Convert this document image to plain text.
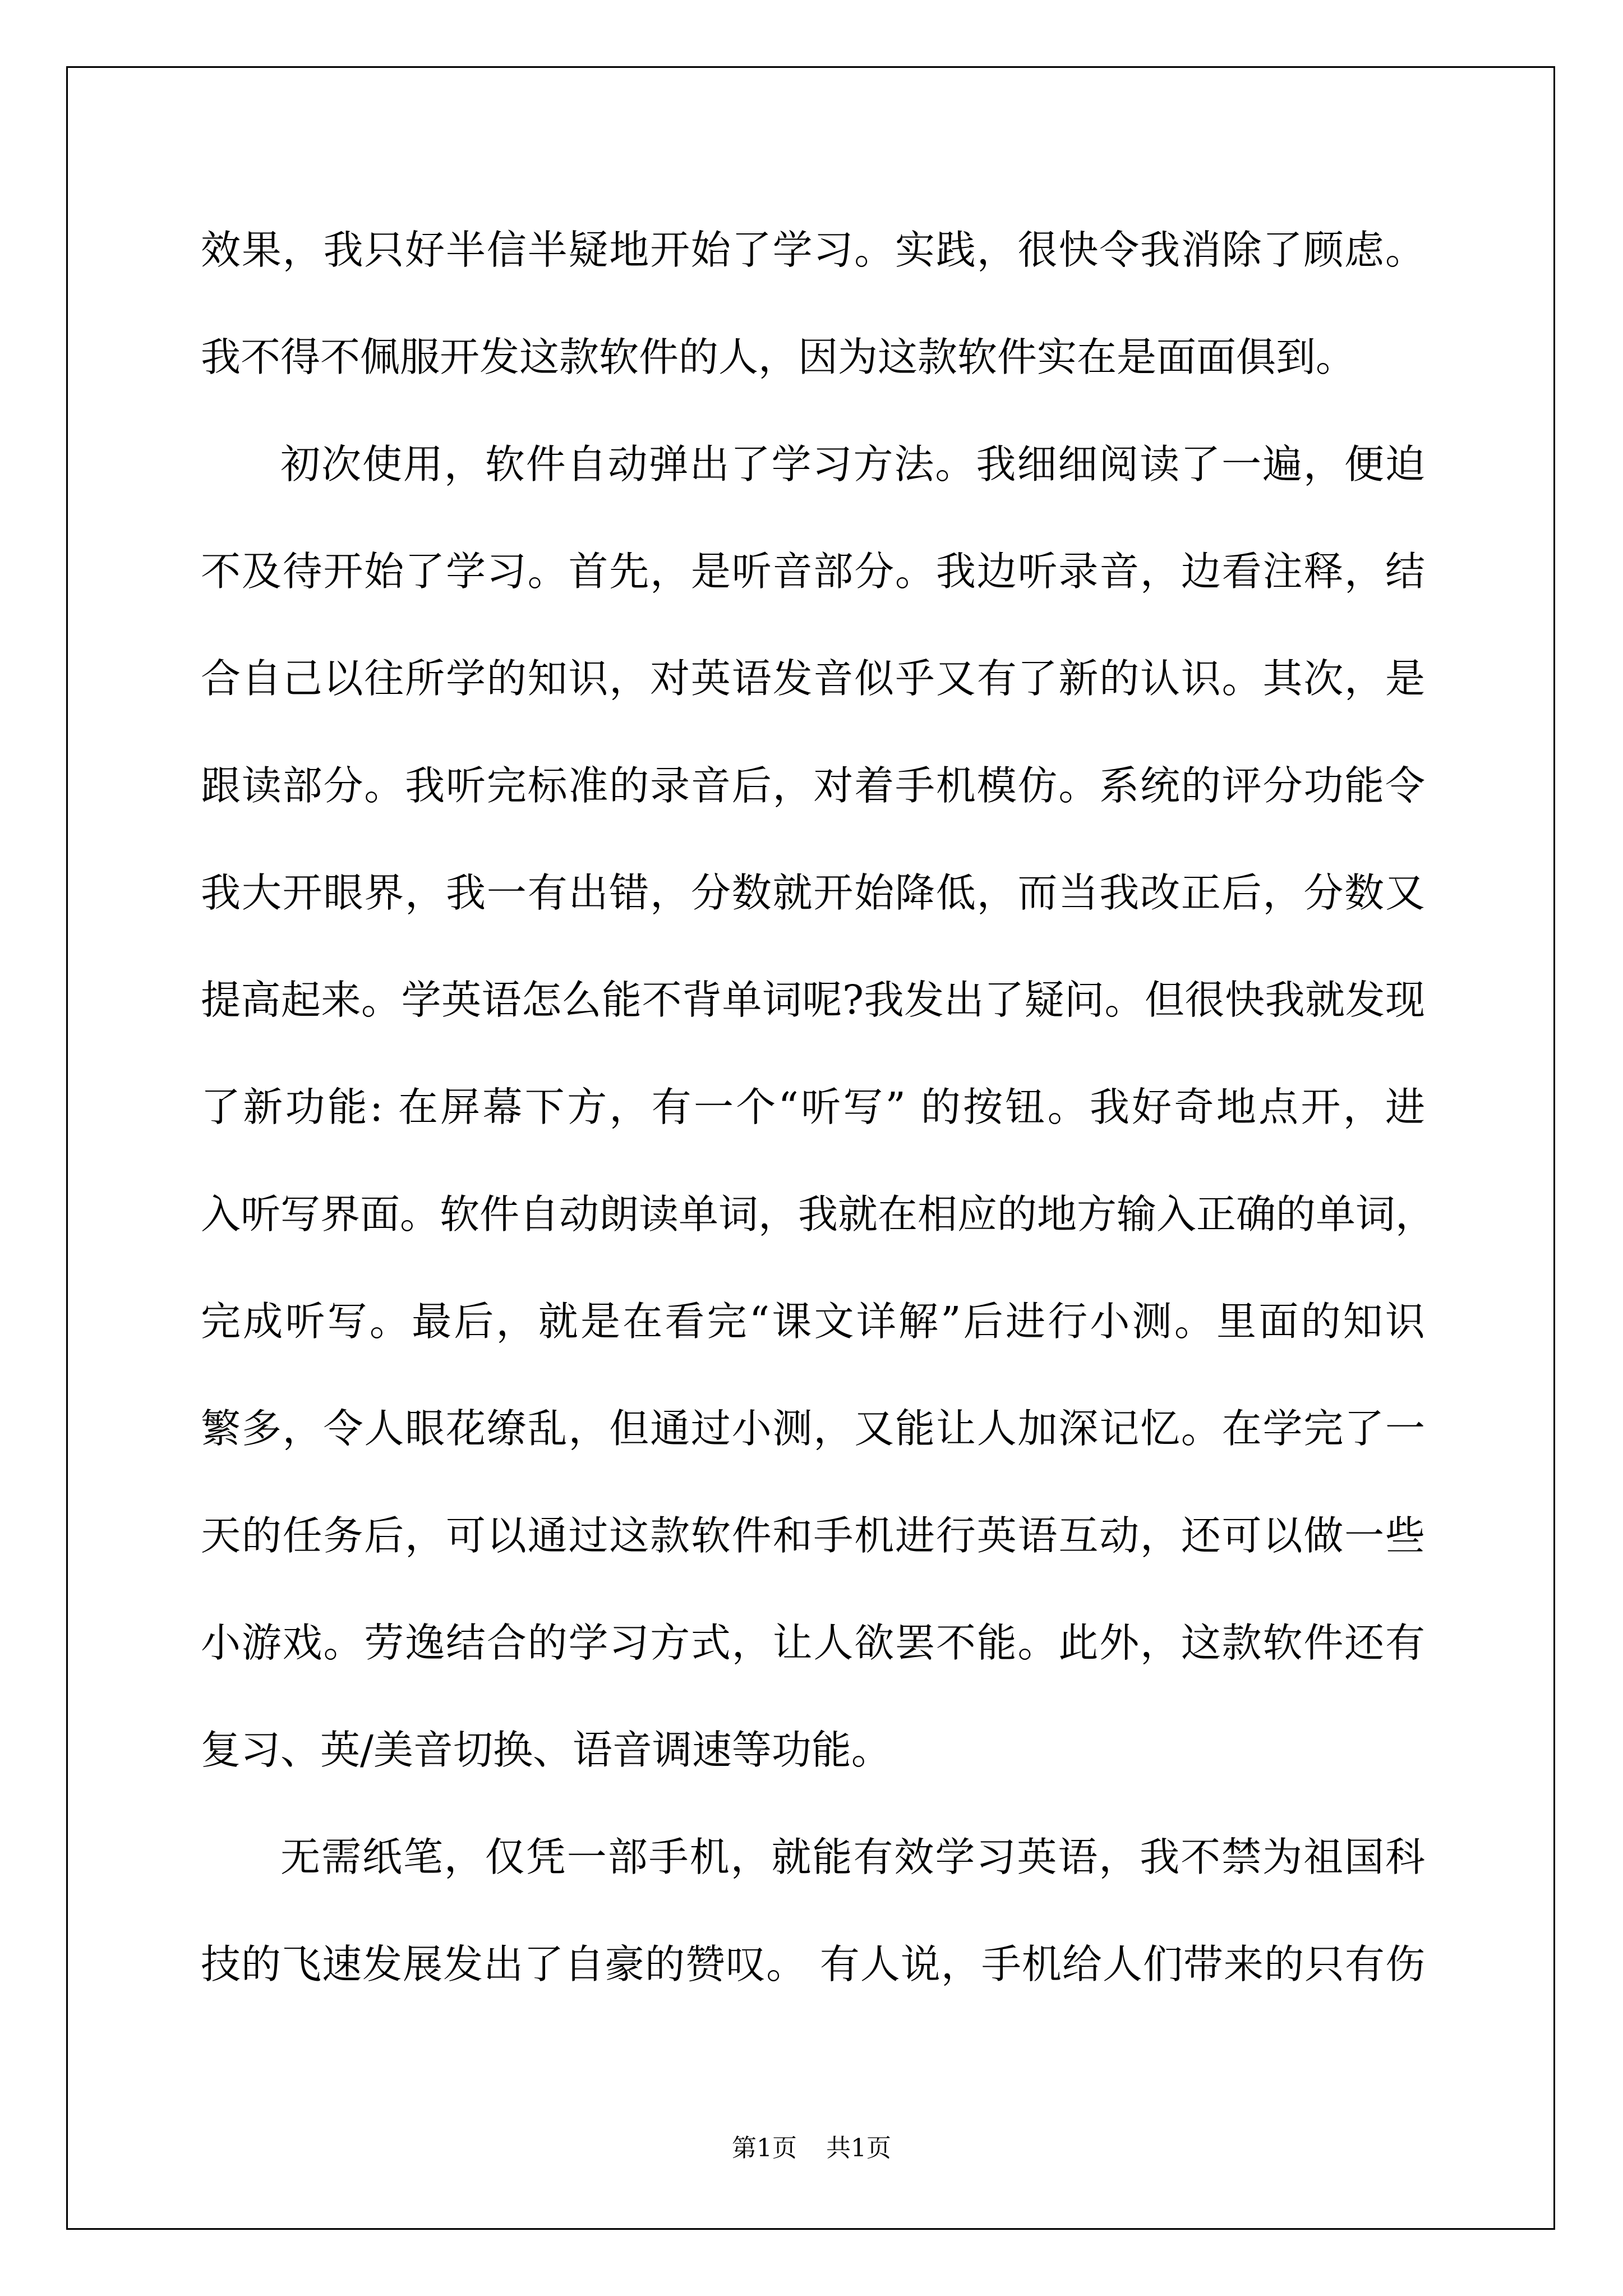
效果，我只好半信半疑地开始了学习。实践，很快令我消除了顾虑。
我不得不佩服开发这款软件的人，因为这款软件实在是面面俱到。
初次使用，软件自动弹出了学习方法。我细细阅读了一遍，便迫
不及待开始了学习。首先，是听音部分。我边听录音，边看注释，结
合自己以往所学的知识，对英语发音似乎又有了新的认识。其次，是
跟读部分。我听完标准的录音后，对着手机模仿。系统的评分功能令
我大开眼界，我一有出错，分数就开始降低，而当我改正后，分数又
提高起来。学英语怎么能不背单词呢?我发出了疑问。但很快我就发现
了新功能: 在屏幕下方，有一个“听写” 的按钮。我好奇地点开，进
入听写界面。软件自动朗读单词，我就在相应的地方输入正确的单词，
完成听写。最后，就是在看完“课文详解”后进行小测。里面的知识
繁多，令人眼花缭乱，但通过小测，又能让人加深记忆。在学完了一
天的任务后，可以通过这款软件和手机进行英语互动，还可以做一些
小游戏。劳逸结合的学习方式，让人欲罢不能。此外，这款软件还有
复习、英/美音切换、语音调速等功能。
无需纸笔，仅凭一部手机，就能有效学习英语，我不禁为祖国科
技的飞速发展发出了自豪的赞叹。 有人说，手机给人们带来的只有伤
第1页 共1页
